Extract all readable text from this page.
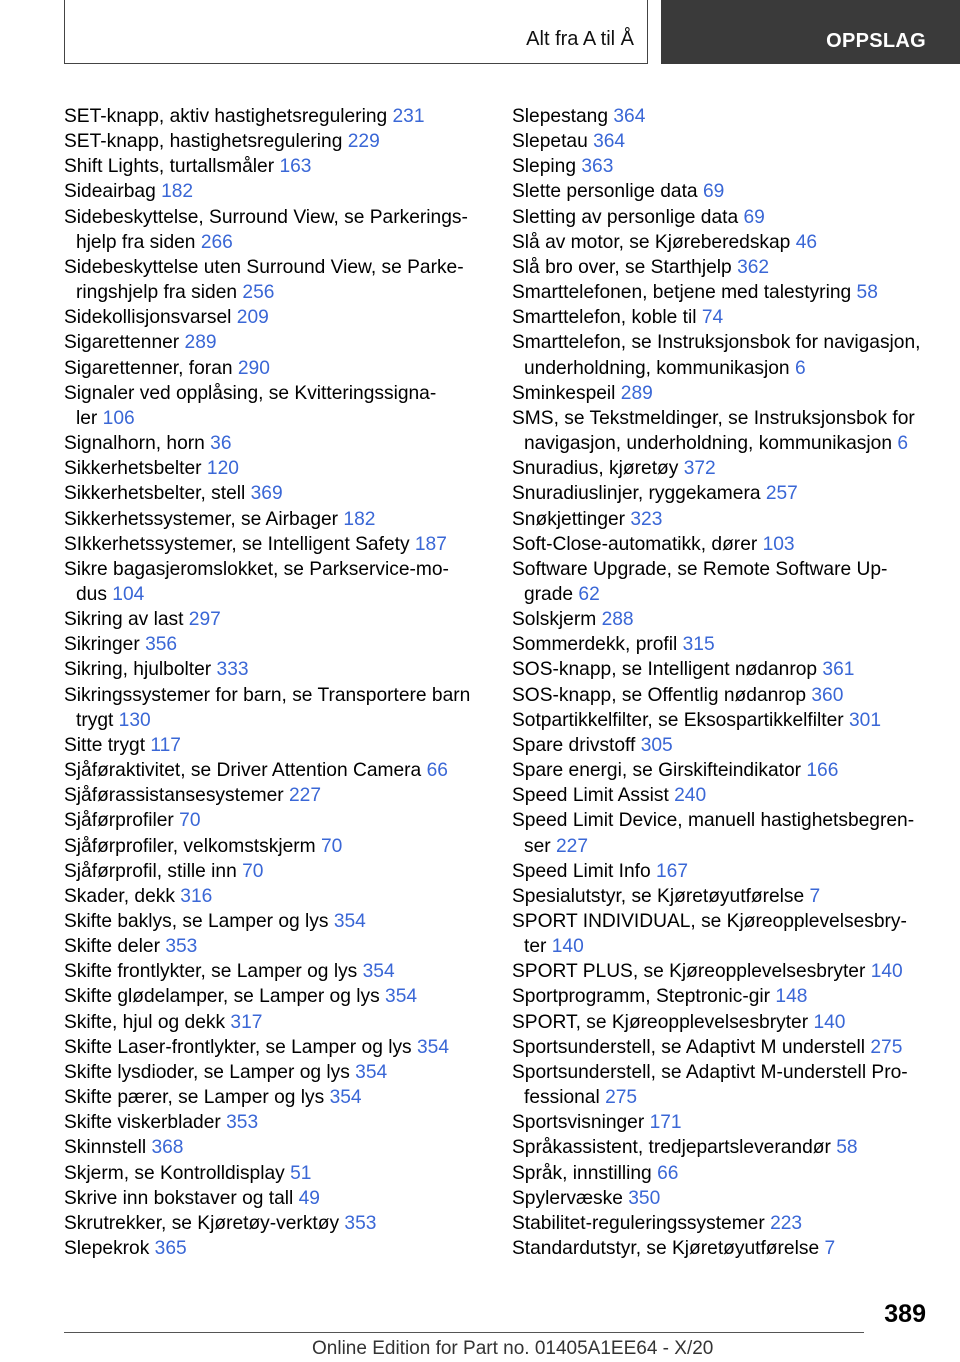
Alt fra A til Å	OPPSLAG
SET-knapp, aktiv hastighetsregulering 231
SET-knapp, hastighetsregulering 229
Shift Lights, turtallsmåler 163
Sideairbag 182
Sidebeskyttelse, Surround View, se Parkerings-
hjelp fra siden 266
Sidebeskyttelse uten Surround View, se Parke-
ringshjelp fra siden 256
Sidekollisjonsvarsel 209
Sigarettenner 289
Sigarettenner, foran 290
Signaler ved opplåsing, se Kvitteringssigna-
ler 106
Signalhorn, horn 36
Sikkerhetsbelter 120
Sikkerhetsbelter, stell 369
Sikkerhetssystemer, se Airbager 182
SIkkerhetssystemer, se Intelligent Safety 187
Sikre bagasjeromslokket, se Parkservice-mo-
dus 104
Sikring av last 297
Sikringer 356
Sikring, hjulbolter 333
Sikringssystemer for barn, se Transportere barn
trygt 130
Sitte trygt 117
Sjåføraktivitet, se Driver Attention Camera 66
Sjåførassistansesystemer 227
Sjåførprofiler 70
Sjåførprofiler, velkomstskjerm 70
Sjåførprofil, stille inn 70
Skader, dekk 316
Skifte baklys, se Lamper og lys 354
Skifte deler 353
Skifte frontlykter, se Lamper og lys 354
Skifte glødelamper, se Lamper og lys 354
Skifte, hjul og dekk 317
Skifte Laser-frontlykter, se Lamper og lys 354
Skifte lysdioder, se Lamper og lys 354
Skifte pærer, se Lamper og lys 354
Skifte viskerblader 353
Skinnstell 368
Skjerm, se Kontrolldisplay 51
Skrive inn bokstaver og tall 49
Skrutrekker, se Kjøretøy-verktøy 353
Slepekrok 365
Slepestang 364
Slepetau 364
Sleping 363
Slette personlige data 69
Sletting av personlige data 69
Slå av motor, se Kjøreberedskap 46
Slå bro over, se Starthjelp 362
Smarttelefonen, betjene med talestyring 58
Smarttelefon, koble til 74
Smarttelefon, se Instruksjonsbok for navigasjon,
underholdning, kommunikasjon 6
Sminkespeil 289
SMS, se Tekstmeldinger, se Instruksjonsbok for
navigasjon, underholdning, kommunikasjon 6
Snuradius, kjøretøy 372
Snuradiuslinjer, ryggekamera 257
Snøkjettinger 323
Soft-Close-automatikk, dører 103
Software Upgrade, se Remote Software Up-
grade 62
Solskjerm 288
Sommerdekk, profil 315
SOS-knapp, se Intelligent nødanrop 361
SOS-knapp, se Offentlig nødanrop 360
Sotpartikkelfilter, se Eksospartikkelfilter 301
Spare drivstoff 305
Spare energi, se Girskifteindikator 166
Speed Limit Assist 240
Speed Limit Device, manuell hastighetsbegren-
ser 227
Speed Limit Info 167
Spesialutstyr, se Kjøretøyutførelse 7
SPORT INDIVIDUAL, se Kjøreopplevelsesbry-
ter 140
SPORT PLUS, se Kjøreopplevelsesbryter 140
Sportprogramm, Steptronic-gir 148
SPORT, se Kjøreopplevelsesbryter 140
Sportsunderstell, se Adaptivt M understell 275
Sportsunderstell, se Adaptivt M-understell Pro-
fessional 275
Sportsvisninger 171
Språkassistent, tredjepartsleverandør 58
Språk, innstilling 66
Spylervæske 350
Stabilitet-reguleringssystemer 223
Standardutstyr, se Kjøretøyutførelse 7
389
Online Edition for Part no. 01405A1EE64 - X/20
